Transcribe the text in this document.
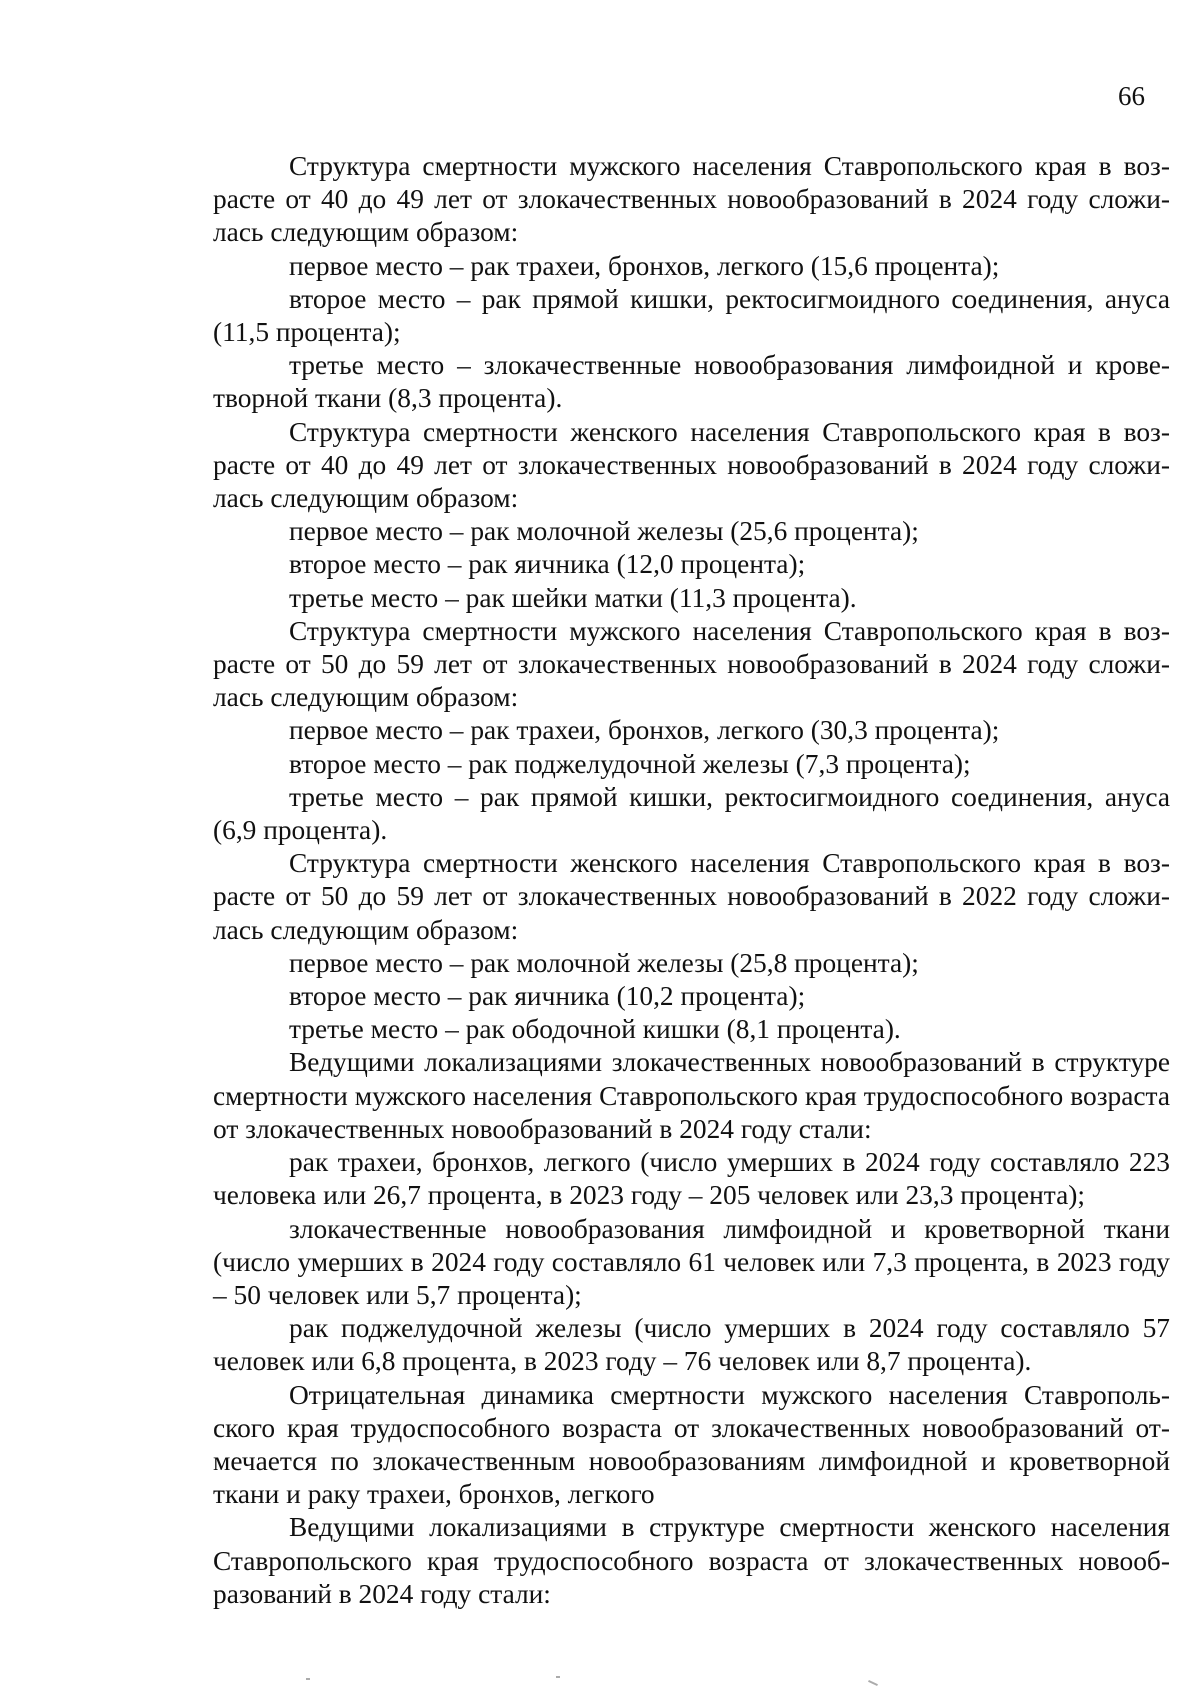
66

Структура смертности мужского населения Ставропольского края в возрасте от 40 до 49 лет от злокачественных новообразований в 2024 году сложилась следующим образом:

первое место – рак трахеи, бронхов, легкого (15,6 процента);

второе место – рак прямой кишки, ректосигмоидного соединения, ануса (11,5 процента);

третье место – злокачественные новообразования лимфоидной и кроветворной ткани (8,3 процента).

Структура смертности женского населения Ставропольского края в возрасте от 40 до 49 лет от злокачественных новообразований в 2024 году сложилась следующим образом:

первое место – рак молочной железы (25,6 процента);

второе место – рак яичника (12,0 процента);

третье место – рак шейки матки (11,3 процента).

Структура смертности мужского населения Ставропольского края в возрасте от 50 до 59 лет от злокачественных новообразований в 2024 году сложилась следующим образом:

первое место – рак трахеи, бронхов, легкого (30,3 процента);

второе место – рак поджелудочной железы (7,3 процента);

третье место – рак прямой кишки, ректосигмоидного соединения, ануса (6,9 процента).

Структура смертности женского населения Ставропольского края в возрасте от 50 до 59 лет от злокачественных новообразований в 2022 году сложилась следующим образом:

первое место – рак молочной железы (25,8 процента);

второе место – рак яичника (10,2 процента);

третье место – рак ободочной кишки (8,1 процента).

Ведущими локализациями злокачественных новообразований в структуре смертности мужского населения Ставропольского края трудоспособного возраста от злокачественных новообразований в 2024 году стали:

рак трахеи, бронхов, легкого (число умерших в 2024 году составляло 223 человека или 26,7 процента, в 2023 году – 205 человек или 23,3 процента);

злокачественные новообразования лимфоидной и кроветворной ткани (число умерших в 2024 году составляло 61 человек или 7,3 процента, в 2023 году – 50 человек или 5,7 процента);

рак поджелудочной железы (число умерших в 2024 году составляло 57 человек или 6,8 процента, в 2023 году – 76 человек или 8,7 процента).

Отрицательная динамика смертности мужского населения Ставропольского края трудоспособного возраста от злокачественных новообразований отмечается по злокачественным новообразованиям лимфоидной и кроветворной ткани и раку трахеи, бронхов, легкого

Ведущими локализациями в структуре смертности женского населения Ставропольского края трудоспособного возраста от злокачественных новообразований в 2024 году стали:
